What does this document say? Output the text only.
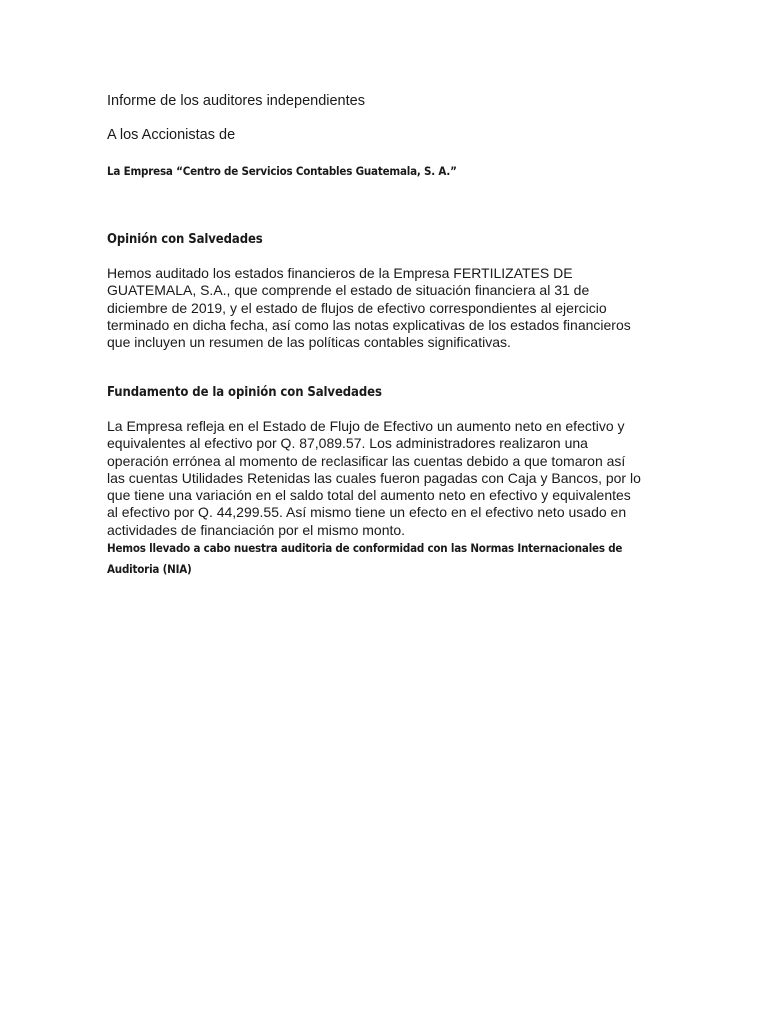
Informe de los auditores independientes

A los Accionistas de

La Empresa “Centro de Servicios Contables Guatemala, S. A.”

Opinión con Salvedades

Hemos auditado los estados financieros de la Empresa FERTILIZATES DE
GUATEMALA, S.A., que comprende el estado de situación financiera al 31 de
diciembre de 2019, y el estado de flujos de efectivo correspondientes al ejercicio
terminado en dicha fecha, así como las notas explicativas de los estados financieros
que incluyen un resumen de las políticas contables significativas.

Fundamento de la opinión con Salvedades

La Empresa refleja en el Estado de Flujo de Efectivo un aumento neto en efectivo y
equivalentes al efectivo por Q. 87,089.57. Los administradores realizaron una
operación errónea al momento de reclasificar las cuentas debido a que tomaron así
las cuentas Utilidades Retenidas las cuales fueron pagadas con Caja y Bancos, por lo
que tiene una variación en el saldo total del aumento neto en efectivo y equivalentes
al efectivo por Q. 44,299.55. Así mismo tiene un efecto en el efectivo neto usado en
actividades de financiación por el mismo monto.

Hemos llevado a cabo nuestra auditoria de conformidad con las Normas Internacionales de
Auditoria (NIA)
